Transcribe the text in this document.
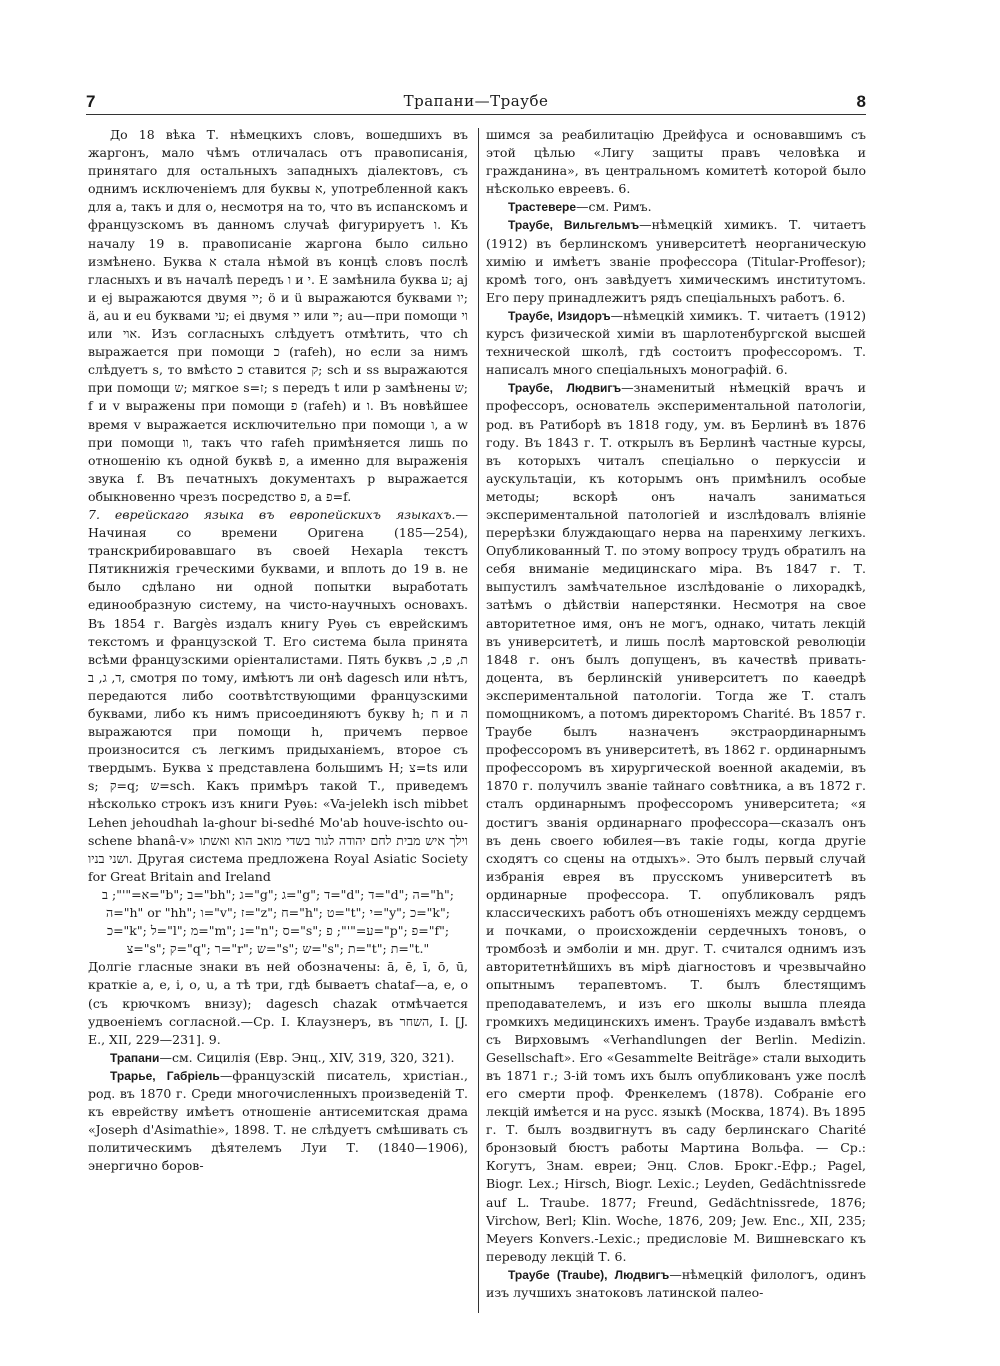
7	Трапани—Траубе	8

До 18 вѣка Т. нѣмецкихъ словъ, вошедшихъ въ жаргонъ, мало чѣмъ отличалась отъ правописанія, принятаго для остальныхъ западныхъ діалектовъ, съ однимъ исключеніемъ для буквы א, употребленной какъ для a, такъ и для o, несмотря на то, что въ испанскомъ и французскомъ въ данномъ случаѣ фигурируетъ ו. Къ началу 19 в. правописаніе жаргона было сильно измѣнено. Буква א стала нѣмой въ концѣ словъ послѣ гласныхъ и въ началѣ передъ ו и י. Е замѣнила буква ע; aj и ej выражаются двумя יי; ö и ü выражаются буквами יו; ä, au и eu буквами עי; ei двумя יי или ײ; au—при помощи וי или אוי. Изъ согласныхъ слѣдуетъ отмѣтить, что ch выражается при помощи כ (rafeh), но если за нимъ слѣдуетъ s, то вмѣсто כ ставится ק; sch и ss выражаются при помощи ש; мягкое s=ז; s передъ t или p замѣнены ש; f и v выражены при помощи פ (rafeh) и ו. Въ новѣйшее время v выражается исключительно при помощи ו, а w при помощи װ, такъ что rafeh примѣняется лишь по отношенію къ одной буквѣ פ, а именно для выраженія звука f. Въ печатныхъ документахъ p выражается обыкновенно чрезъ посредство פ, а פ=f.

7. еврейскаго языка въ европейскихъ языкахъ.—Начиная со времени Оригена (185—254), транскрибировавшаго въ своей Hexapla текстъ Пятикнижія греческими буквами, и вплоть до 19 в. не было сдѣлано ни одной попытки выработать единообразную систему, на чисто-научныхъ основахъ. Въ 1854 г. Bargès издалъ книгу Руѳь съ еврейскимъ текстомъ и французской Т. Его система была принята всѣми французскими оріенталистами. Пять буквъ ת, פ, כ, ד, ג, ב, смотря по тому, имѣютъ ли онѣ dagesch или нѣтъ, передаются либо соотвѣтствующими французскими буквами, либо къ нимъ присоединяютъ букву h; ח и ה выражаются при помощи h, причемъ первое произносится съ легкимъ придыханіемъ, второе съ твердымъ. Буква צ представлена большимъ H; צ=ts или s; ק=q; ש=sch. Какъ примѣръ такой Т., приведемъ нѣсколько строкъ изъ книги Руѳь: «Va-jelekh isch mibbet Lehen jehoudhah la-ghour bi-sedhé Mo'ab houve-ischto ou-schene bhanâ-v» וילך איש מבית לחם יהודה לגור בשדי מואב הוא ואשתו ושני בניו. Другая система предложена Royal Asiatic Society for Great Britain and Ireland

א="'"; ב="b"; ב="bh"; ג="g"; ג="g"; ד="d"; ד="d"; ה="h"; ה="h" or "hh"; ו="v"; ז="z"; ח="h"; ט="t"; י="y"; כ="k"; כ="k"; ל="l"; מ="m"; נ="n"; ס="s"; ע="'"; פ="p"; פ="f"; צ="s"; ק="q"; ר="r"; ש="s"; ש="s"; ת="t"; ת="t."

Долгіе гласные знаки въ ней обозначены: ā, ē, ī, ō, ū, краткіе a, e, i, o, u, а тѣ три, гдѣ бываетъ chataf—a, e, o (съ крючкомъ внизу); dagesch chazak отмѣчается удвоеніемъ согласной.—Ср. I. Клаузнеръ, въ השחר, I. [J. E., XII, 229—231]. 9.

Трапани—см. Сицилія (Евр. Энц., XIV, 319, 320, 321).

Трарье, Габріель—французскій писатель, христіан., род. въ 1870 г. Среди многочисленныхъ произведеній Т. къ еврейству имѣетъ отношеніе антисемитская драма «Joseph d'Asimathie», 1898. Т. не слѣдуетъ смѣшивать съ политическимъ дѣятелемъ Луи Т. (1840—1906), энергично боров-

шимся за реабилитацію Дрейфуса и основавшимъ съ этой цѣлью «Лигу защиты правъ человѣка и гражданина», въ центральномъ комитетѣ которой было нѣсколько евреевъ. 6.

Трастевере—см. Римъ.

Траубе, Вильгельмъ—нѣмецкій химикъ. Т. читаетъ (1912) въ берлинскомъ университетѣ неорганическую химію и имѣетъ званіе профессора (Titular-Proffesor); кромѣ того, онъ завѣдуетъ химическимъ институтомъ. Его перу принадлежитъ рядъ спеціальныхъ работъ. 6.

Траубе, Изидоръ—нѣмецкій химикъ. Т. читаетъ (1912) курсъ физической химіи въ шарлотенбургской высшей технической школѣ, гдѣ состоитъ профессоромъ. Т. написалъ много спеціальныхъ монографій. 6.

Траубе, Людвигъ—знаменитый нѣмецкій врачъ и профессоръ, основатель экспериментальной патологіи, род. въ Ратиборѣ въ 1818 году, ум. въ Берлинѣ въ 1876 году. Въ 1843 г. Т. открылъ въ Берлинѣ частные курсы, въ которыхъ читалъ спеціально о перкуссіи и аускультаціи, къ которымъ онъ примѣнилъ особые методы; вскорѣ онъ началъ заниматься экспериментальной патологіей и изслѣдовалъ вліяніе перерѣзки блуждающаго нерва на паренхиму легкихъ. Опубликованный Т. по этому вопросу трудъ обратилъ на себя вниманіе медицинскаго міра. Въ 1847 г. Т. выпустилъ замѣчательное изслѣдованіе о лихорадкѣ, затѣмъ о дѣйствіи наперстянки. Несмотря на свое авторитетное имя, онъ не могъ, однако, читать лекцій въ университетѣ, и лишь послѣ мартовской революціи 1848 г. онъ былъ допущенъ, въ качествѣ привать-доцента, въ берлинскій университетъ по каѳедрѣ экспериментальной патологіи. Тогда же Т. сталъ помощникомъ, а потомъ директоромъ Charité. Въ 1857 г. Траубе былъ назначенъ экстраординарнымъ профессоромъ въ университетѣ, въ 1862 г. ординарнымъ профессоромъ въ хирургической военной академіи, въ 1870 г. получилъ званіе тайнаго совѣтника, а въ 1872 г. сталъ ординарнымъ профессоромъ университета; «я достигъ званія ординарнаго профессора—сказалъ онъ въ день своего юбилея—въ такіе годы, когда другіе сходятъ со сцены на отдыхъ». Это былъ первый случай избранія еврея въ прусскомъ университетѣ въ ординарные профессора. Т. опубликовалъ рядъ классическихъ работъ объ отношеніяхъ между сердцемъ и почками, о происхожденіи сердечныхъ тоновъ, о тромбозѣ и эмболіи и мн. друг. Т. считался однимъ изъ авторитетнѣйшихъ въ мірѣ діагностовъ и чрезвычайно опытнымъ терапевтомъ. Т. былъ блестящимъ преподавателемъ, и изъ его школы вышла плеяда громкихъ медицинскихъ именъ. Траубе издавалъ вмѣстѣ съ Вирховымъ «Verhandlungen der Berlin. Medizin. Gesellschaft». Его «Gesammelte Beiträge» стали выходить въ 1871 г.; 3-ій томъ ихъ былъ опубликованъ уже послѣ его смерти проф. Френкелемъ (1878). Собраніе его лекцій имѣется и на русс. языкѣ (Москва, 1874). Въ 1895 г. Т. былъ воздвигнутъ въ саду берлинскаго Charité бронзовый бюстъ работы Мартина Вольфа. — Ср.: Когутъ, Знам. евреи; Энц. Слов. Брокг.-Ефр.; Pagel, Biogr. Lex.; Hirsch, Biogr. Lexic.; Leyden, Gedächtnissrede auf L. Traube. 1877; Freund, Gedächtnissrede, 1876; Virchow, Berl; Klin. Woche, 1876, 209; Jew. Enc., XII, 235; Meyers Konvers.-Lexic.; предисловіе М. Вишневскаго къ переводу лекцій Т. 6.

Траубе (Traube), Людвигъ—нѣмецкій филологъ, одинъ изъ лучшихъ знатоковъ латинской палео-
